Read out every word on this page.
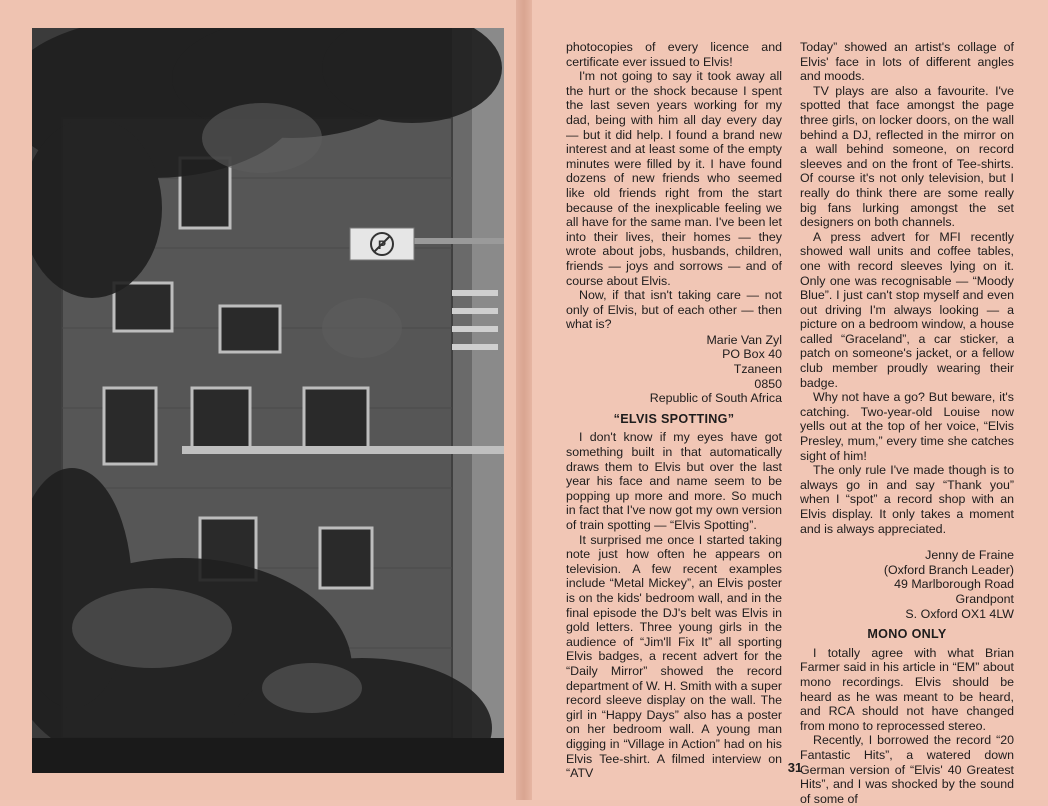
P

photocopies of every licence and certificate ever issued to Elvis!

I'm not going to say it took away all the hurt or the shock because I spent the last seven years working for my dad, being with him all day every day — but it did help. I found a brand new interest and at least some of the empty minutes were filled by it. I have found dozens of new friends who seemed like old friends right from the start because of the inexplicable feeling we all have for the same man. I've been let into their lives, their homes — they wrote about jobs, husbands, children, friends — joys and sorrows — and of course about Elvis.

Now, if that isn't taking care — not only of Elvis, but of each other — then what is?

Marie Van Zyl

PO Box 40

Tzaneen

0850

Republic of South Africa

“ELVIS SPOTTING”

I don't know if my eyes have got something built in that automatically draws them to Elvis but over the last year his face and name seem to be popping up more and more. So much in fact that I've now got my own version of train spotting — “Elvis Spotting”.

It surprised me once I started taking note just how often he appears on television. A few recent examples include “Metal Mickey”, an Elvis poster is on the kids' bedroom wall, and in the final episode the DJ's belt was Elvis in gold letters. Three young girls in the audience of “Jim'll Fix It” all sporting Elvis badges, a recent advert for the “Daily Mirror” showed the record department of W. H. Smith with a super record sleeve display on the wall. The girl in “Happy Days” also has a poster on her bedroom wall. A young man digging in “Village in Action” had on his Elvis Tee-shirt. A filmed interview on “ATV

Today” showed an artist's collage of Elvis' face in lots of different angles and moods.

TV plays are also a favourite. I've spotted that face amongst the page three girls, on locker doors, on the wall behind a DJ, reflected in the mirror on a wall behind someone, on record sleeves and on the front of Tee-shirts. Of course it's not only television, but I really do think there are some really big fans lurking amongst the set designers on both channels.

A press advert for MFI recently showed wall units and coffee tables, one with record sleeves lying on it. Only one was recognisable — “Moody Blue”. I just can't stop myself and even out driving I'm always looking — a picture on a bedroom window, a house called “Graceland”, a car sticker, a patch on someone's jacket, or a fellow club member proudly wearing their badge.

Why not have a go? But beware, it's catching. Two-year-old Louise now yells out at the top of her voice, “Elvis Presley, mum,” every time she catches sight of him!

The only rule I've made though is to always go in and say “Thank you” when I “spot” a record shop with an Elvis display. It only takes a moment and is always appreciated.

Jenny de Fraine

(Oxford Branch Leader)

49 Marlborough Road

Grandpont

S. Oxford OX1 4LW

MONO ONLY

I totally agree with what Brian Farmer said in his article in “EM” about mono recordings. Elvis should be heard as he was meant to be heard, and RCA should not have changed from mono to reprocessed stereo.

Recently, I borrowed the record “20 Fantastic Hits”, a watered down German version of “Elvis' 40 Greatest Hits”, and I was shocked by the sound of some of

31
